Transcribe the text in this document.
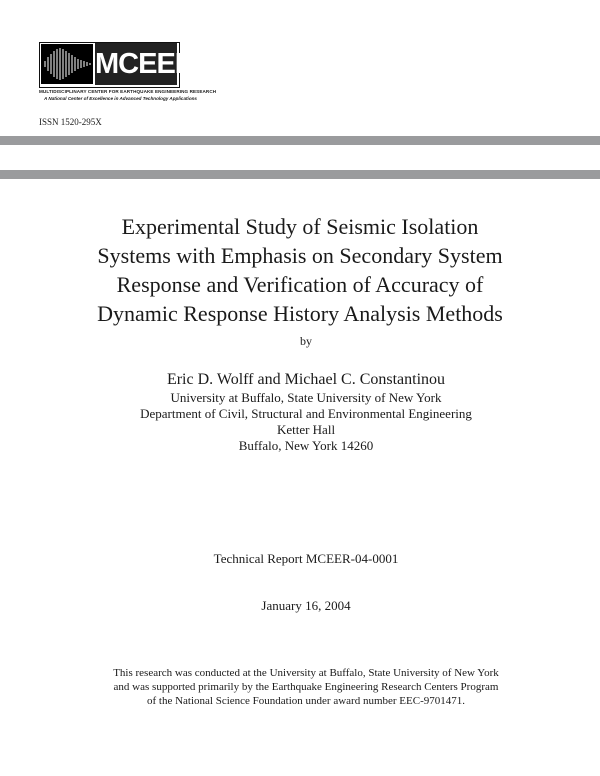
MCEER
MULTIDISCIPLINARY CENTER FOR EARTHQUAKE ENGINEERING RESEARCH
A National Center of Excellence in Advanced Technology Applications
ISSN 1520-295X
Experimental Study of Seismic Isolation
Systems with Emphasis on Secondary System
Response and Verification of Accuracy of
Dynamic Response History Analysis Methods
by
Eric D. Wolff and Michael C. Constantinou
University at Buffalo, State University of New York
Department of Civil, Structural and Environmental Engineering
Ketter Hall
Buffalo, New York 14260
Technical Report MCEER-04-0001
January 16, 2004
This research was conducted at the University at Buffalo, State University of New York
and was supported primarily by the Earthquake Engineering Research Centers Program
of the National Science Foundation under award number EEC-9701471.
